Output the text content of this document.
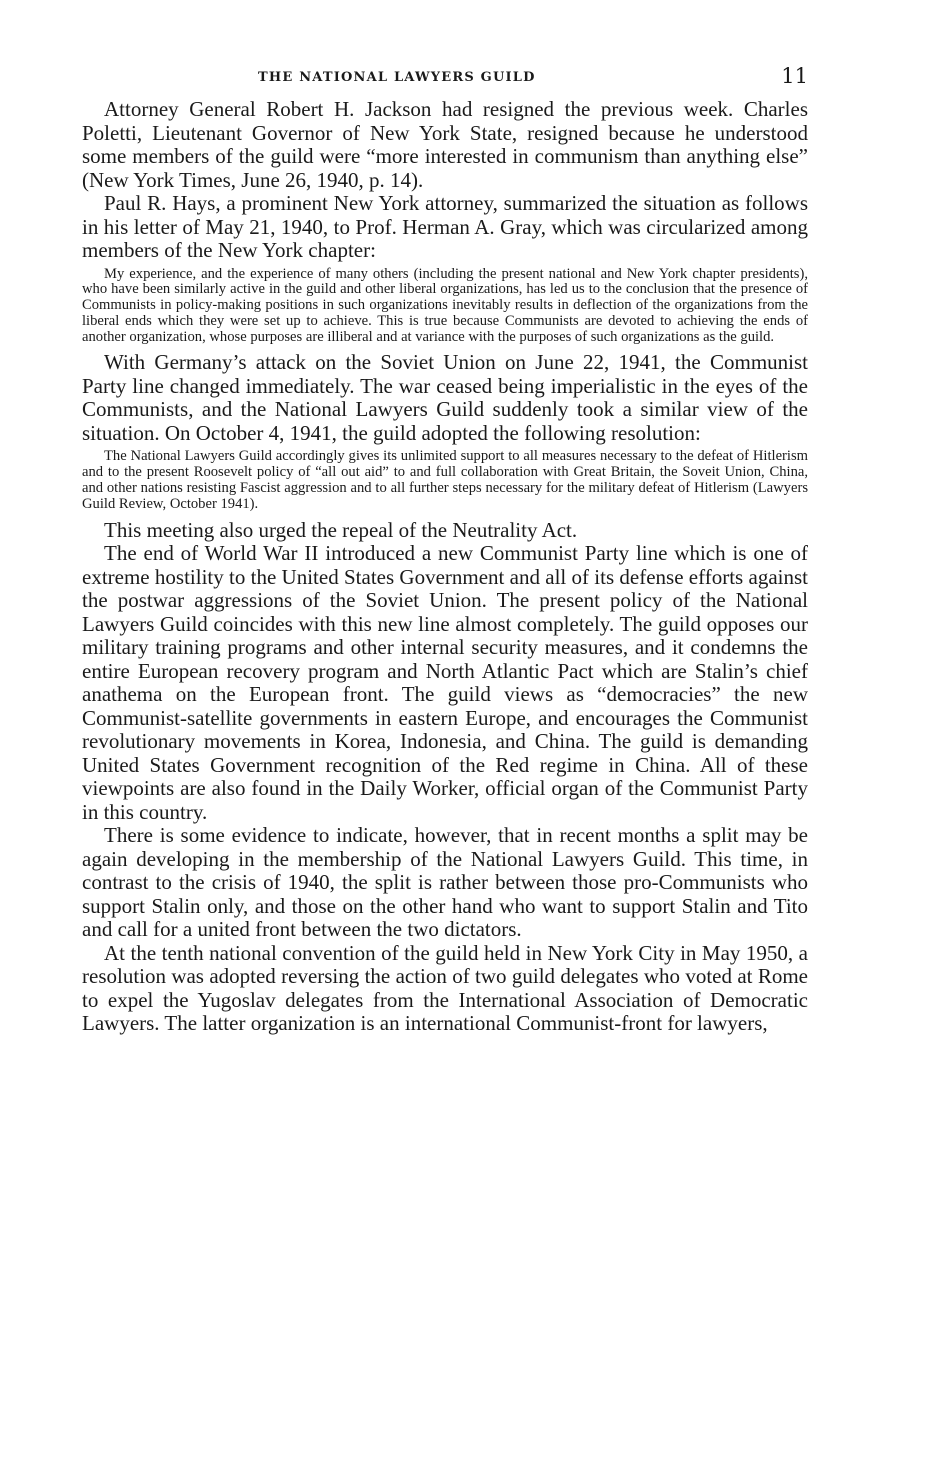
THE NATIONAL LAWYERS GUILD	11

Attorney General Robert H. Jackson had resigned the previous week. Charles Poletti, Lieutenant Governor of New York State, resigned because he understood some members of the guild were “more interested in communism than anything else” (New York Times, June 26, 1940, p. 14).

Paul R. Hays, a prominent New York attorney, summarized the situation as follows in his letter of May 21, 1940, to Prof. Herman A. Gray, which was circularized among members of the New York chapter:

My experience, and the experience of many others (including the present national and New York chapter presidents), who have been similarly active in the guild and other liberal organizations, has led us to the conclusion that the presence of Communists in policy-making positions in such organizations inevitably results in deflection of the organizations from the liberal ends which they were set up to achieve. This is true because Communists are devoted to achieving the ends of another organization, whose purposes are illiberal and at variance with the purposes of such organizations as the guild.

With Germany’s attack on the Soviet Union on June 22, 1941, the Communist Party line changed immediately. The war ceased being imperialistic in the eyes of the Communists, and the National Lawyers Guild suddenly took a similar view of the situation. On October 4, 1941, the guild adopted the following resolution:

The National Lawyers Guild accordingly gives its unlimited support to all measures necessary to the defeat of Hitlerism and to the present Roosevelt policy of “all out aid” to and full collaboration with Great Britain, the Soveit Union, China, and other nations resisting Fascist aggression and to all further steps necessary for the military defeat of Hitlerism (Lawyers Guild Review, October 1941).

This meeting also urged the repeal of the Neutrality Act.

The end of World War II introduced a new Communist Party line which is one of extreme hostility to the United States Government and all of its defense efforts against the postwar aggressions of the Soviet Union. The present policy of the National Lawyers Guild coincides with this new line almost completely. The guild opposes our military training programs and other internal security measures, and it condemns the entire European recovery program and North Atlantic Pact which are Stalin’s chief anathema on the European front. The guild views as “democracies” the new Communist-satellite governments in eastern Europe, and encourages the Communist revolutionary movements in Korea, Indonesia, and China. The guild is demanding United States Government recognition of the Red regime in China. All of these viewpoints are also found in the Daily Worker, official organ of the Communist Party in this country.

There is some evidence to indicate, however, that in recent months a split may be again developing in the membership of the National Lawyers Guild. This time, in contrast to the crisis of 1940, the split is rather between those pro-Communists who support Stalin only, and those on the other hand who want to support Stalin and Tito and call for a united front between the two dictators.

At the tenth national convention of the guild held in New York City in May 1950, a resolution was adopted reversing the action of two guild delegates who voted at Rome to expel the Yugoslav delegates from the International Association of Democratic Lawyers. The latter organization is an international Communist-front for lawyers,
